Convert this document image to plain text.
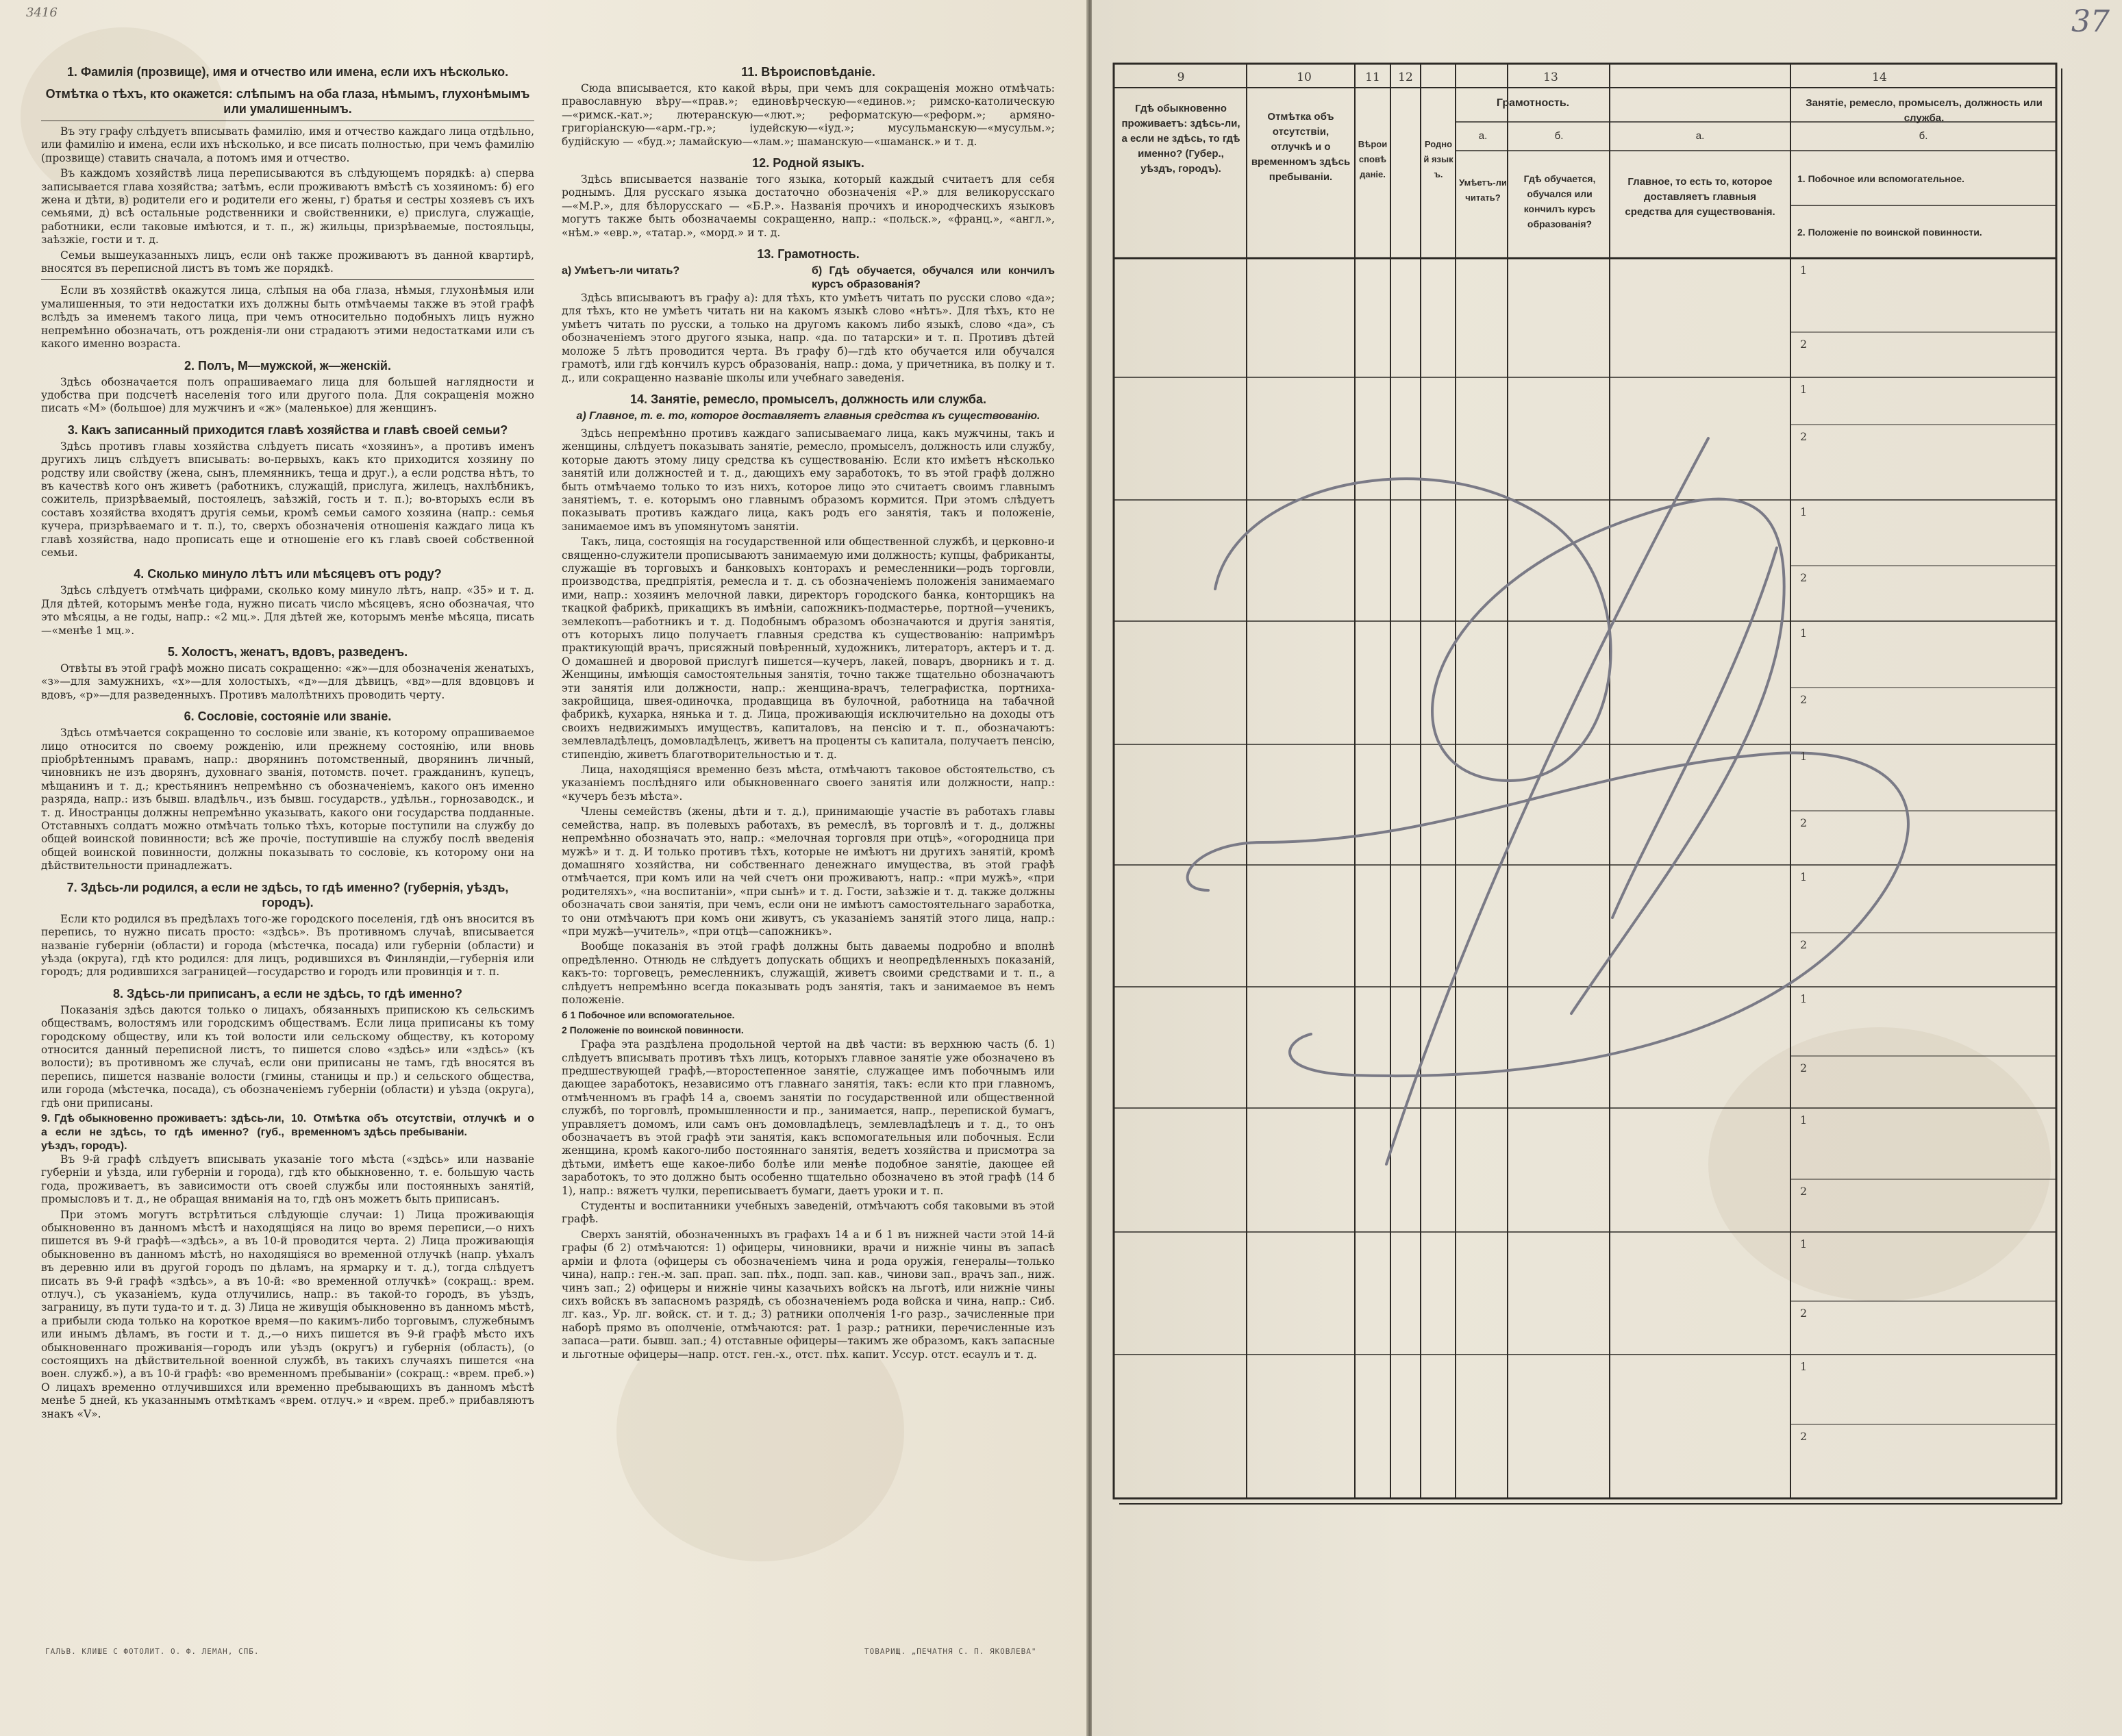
3416
1. Фамилія (прозвище), имя и отчество или имена, если ихъ нѣсколько.
Отмѣтка о тѣхъ, кто окажется: слѣпымъ на оба глаза, нѣмымъ, глухонѣмымъ или умалишеннымъ.

Въ эту графу слѣдуетъ вписывать фамилію, имя и отчество каждаго лица отдѣльно, или фамилію и имена, если ихъ нѣсколько, и все писать полностью, при чемъ фамилію (прозвище) ставить сначала, а потомъ имя и отчество.

Въ каждомъ хозяйствѣ лица переписываются въ слѣдующемъ порядкѣ: а) сперва записывается глава хозяйства; затѣмъ, если проживаютъ вмѣстѣ съ хозяиномъ: б) его жена и дѣти, в) родители его и родители его жены, г) братья и сестры хозяевъ съ ихъ семьями, д) всѣ остальные родственники и свойственники, е) прислуга, служащіе, работники, если таковые имѣются, и т. п., ж) жильцы, призрѣваемые, постояльцы, заѣзжіе, гости и т. д.

Семьи вышеуказанныхъ лицъ, если онѣ также проживаютъ въ данной квартирѣ, вносятся въ переписной листъ въ томъ же порядкѣ.

Если въ хозяйствѣ окажутся лица, слѣпыя на оба глаза, нѣмыя, глухонѣмыя или умалишенныя, то эти недостатки ихъ должны быть отмѣчаемы также въ этой графѣ вслѣдъ за именемъ такого лица, при чемъ относительно подобныхъ лицъ нужно непремѣнно обозначать, отъ рожденія-ли они страдаютъ этими недостатками или съ какого именно возраста.

2. Полъ, М—мужской, ж—женскій.

Здѣсь обозначается полъ опрашиваемаго лица для большей наглядности и удобства при подсчетѣ населенія того или другого пола. Для сокращенія можно писать «М» (большое) для мужчинъ и «ж» (маленькое) для женщинъ.

3. Какъ записанный приходится главѣ хозяйства и главѣ своей семьи?

Здѣсь противъ главы хозяйства слѣдуетъ писать «хозяинъ», а противъ именъ другихъ лицъ слѣдуетъ вписывать: во-первыхъ, какъ кто приходится хозяину по родству или свойству (жена, сынъ, племянникъ, теща и друг.), а если родства нѣтъ, то въ качествѣ кого онъ живетъ (работникъ, служащій, прислуга, жилецъ, нахлѣбникъ, сожитель, призрѣваемый, постоялецъ, заѣзжій, гость и т. п.); во-вторыхъ если въ составъ хозяйства входятъ другія семьи, кромѣ семьи самого хозяина (напр.: семья кучера, призрѣваемаго и т. п.), то, сверхъ обозначенія отношенія каждаго лица къ главѣ хозяйства, надо прописать еще и отношеніе его къ главѣ своей собственной семьи.

4. Сколько минуло лѣтъ или мѣсяцевъ отъ роду?

Здѣсь слѣдуетъ отмѣчать цифрами, сколько кому минуло лѣтъ, напр. «35» и т. д. Для дѣтей, которымъ менѣе года, нужно писать число мѣсяцевъ, ясно обозначая, что это мѣсяцы, а не годы, напр.: «2 мц.». Для дѣтей же, которымъ менѣе мѣсяца, писать—«менѣе 1 мц.».

5. Холостъ, женатъ, вдовъ, разведенъ.

Отвѣты въ этой графѣ можно писать сокращенно: «ж»—для обозначенія женатыхъ, «з»—для замужнихъ, «х»—для холостыхъ, «д»—для дѣвицъ, «вд»—для вдовцовъ и вдовъ, «р»—для разведенныхъ. Противъ малолѣтнихъ проводить черту.

6. Сословіе, состояніе или званіе.

Здѣсь отмѣчается сокращенно то сословіе или званіе, къ которому опрашиваемое лицо относится по своему рожденію, или прежнему состоянію, или вновь пріобрѣтеннымъ правамъ, напр.: дворянинъ потомственный, дворянинъ личный, чиновникъ не изъ дворянъ, духовнаго званія, потомств. почет. гражданинъ, купецъ, мѣщанинъ и т. д.; крестьянинъ непремѣнно съ обозначеніемъ, какого онъ именно разряда, напр.: изъ бывш. владѣльч., изъ бывш. государств., удѣльн., горнозаводск., и т. д. Иностранцы должны непремѣнно указывать, какого они государства подданные. Отставныхъ солдатъ можно отмѣчать только тѣхъ, которые поступили на службу до общей воинской повинности; всѣ же прочіе, поступившіе на службу послѣ введенія общей воинской повинности, должны показывать то сословіе, къ которому они на дѣйствительности принадлежатъ.

7. Здѣсь-ли родился, а если не здѣсь, то гдѣ именно? (губернія, уѣздъ, городъ).

Если кто родился въ предѣлахъ того-же городского поселенія, гдѣ онъ вносится въ перепись, то нужно писать просто: «здѣсь». Въ противномъ случаѣ, вписывается названіе губерніи (области) и города (мѣстечка, посада) или губерніи (области) и уѣзда (округа), гдѣ кто родился: для лицъ, родившихся въ Финляндіи,—губернія или городъ; для родившихся заграницей—государство и городъ или провинція и т. п.

8. Здѣсь-ли приписанъ, а если не здѣсь, то гдѣ именно?

Показанія здѣсь даются только о лицахъ, обязанныхъ припискою къ сельскимъ обществамъ, волостямъ или городскимъ обществамъ. Если лица приписаны къ тому городскому обществу, или къ той волости или сельскому обществу, къ которому относится данный переписной листъ, то пишется слово «здѣсь» или «здѣсь» (къ волости); въ противномъ же случаѣ, если они приписаны не тамъ, гдѣ вносятся въ перепись, пишется названіе волости (гмины, станицы и пр.) и сельского общества, или города (мѣстечка, посада), съ обозначеніемъ губерніи (области) и уѣзда (округа), гдѣ они приписаны.

9. Гдѣ обыкновенно проживаетъ: здѣсь-ли, а если не здѣсь, то гдѣ именно? (губ., уѣздъ, городъ).
10. Отмѣтка объ отсутствіи, отлучкѣ и о временномъ здѣсь пребываніи.

Въ 9-й графѣ слѣдуетъ вписывать указаніе того мѣста («здѣсь» или названіе губерніи и уѣзда, или губерніи и города), гдѣ кто обыкновенно, т. е. большую часть года, проживаетъ, въ зависимости отъ своей службы или постоянныхъ занятій, промысловъ и т. д., не обращая вниманія на то, гдѣ онъ можетъ быть приписанъ.

При этомъ могутъ встрѣтиться слѣдующіе случаи: 1) Лица проживающія обыкновенно въ данномъ мѣстѣ и находящіяся на лицо во время переписи,—о нихъ пишется въ 9-й графѣ—«здѣсь», а въ 10-й проводится черта. 2) Лица проживающія обыкновенно въ данномъ мѣстѣ, но находящіяся во временной отлучкѣ (напр. уѣхалъ въ деревню или въ другой городъ по дѣламъ, на ярмарку и т. д.), тогда слѣдуетъ писать въ 9-й графѣ «здѣсь», а въ 10-й: «во временной отлучкѣ» (сокращ.: врем. отлуч.), съ указаніемъ, куда отлучились, напр.: въ такой-то городъ, въ уѣздъ, заграницу, въ пути туда-то и т. д. 3) Лица не живущія обыкновенно въ данномъ мѣстѣ, а прибыли сюда только на короткое время—по какимъ-либо торговымъ, служебнымъ или инымъ дѣламъ, въ гости и т. д.,—о нихъ пишется въ 9-й графѣ мѣсто ихъ обыкновеннаго проживанія—городъ или уѣздъ (округъ) и губернія (область), (о состоящихъ на дѣйствительной военной службѣ, въ такихъ случаяхъ пишется «на воен. служб.»), а въ 10-й графѣ: «во временномъ пребываніи» (сокращ.: «врем. преб.») О лицахъ временно отлучившихся или временно пребывающихъ въ данномъ мѣстѣ менѣе 5 дней, къ указаннымъ отмѣткамъ «врем. отлуч.» и «врем. преб.» прибавляютъ знакъ «V».

11. Вѣроисповѣданіе.

Сюда вписывается, кто какой вѣры, при чемъ для сокращенія можно отмѣчать: православную вѣру—«прав.»; единовѣрческую—«единов.»; римско-католическую—«римск.-кат.»; лютеранскую—«лют.»; реформатскую—«реформ.»; армяно-григоріанскую—«арм.-гр.»; іудейскую—«іуд.»; мусульманскую—«мусульм.»; будійскую — «буд.»; ламайскую—«лам.»; шаманскую—«шаманск.» и т. д.

12. Родной языкъ.

Здѣсь вписывается названіе того языка, который каждый считаетъ для себя роднымъ. Для русскаго языка достаточно обозначенія «Р.» для великорусскаго—«М.Р.», для бѣлорусскаго — «Б.Р.». Названія прочихъ и инородческихъ языковъ могутъ также быть обозначаемы сокращенно, напр.: «польск.», «франц.», «англ.», «нѣм.» «евр.», «татар.», «морд.» и т. д.

13. Грамотность.
а) Умѣетъ-ли читать?	б) Гдѣ обучается, обучался или кончилъ курсъ образованія?

Здѣсь вписываютъ въ графу а): для тѣхъ, кто умѣетъ читать по русски слово «да»; для тѣхъ, кто не умѣетъ читать ни на какомъ языкѣ слово «нѣтъ». Для тѣхъ, кто не умѣетъ читать по русски, а только на другомъ какомъ либо языкѣ, слово «да», съ обозначеніемъ этого другого языка, напр. «да. по татарски» и т. п. Противъ дѣтей моложе 5 лѣтъ проводится черта. Въ графу б)—гдѣ кто обучается или обучался грамотѣ, или гдѣ кончилъ курсъ образованія, напр.: дома, у причетника, въ полку и т. д., или сокращенно названіе школы или учебнаго заведенія.

14. Занятіе, ремесло, промыселъ, должность или служба.
а) Главное, т. е. то, которое доставляетъ главныя средства къ существованію.

Здѣсь непремѣнно противъ каждаго записываемаго лица, какъ мужчины, такъ и женщины, слѣдуетъ показывать занятіе, ремесло, промыселъ, должность или службу, которые даютъ этому лицу средства къ существованію. Если кто имѣетъ нѣсколько занятій или должностей и т. д., дающихъ ему заработокъ, то въ этой графѣ должно быть отмѣчаемо только то изъ нихъ, которое лицо это считаетъ своимъ главнымъ занятіемъ, т. е. которымъ оно главнымъ образомъ кормится. При этомъ слѣдуетъ показывать противъ каждаго лица, какъ родъ его занятія, такъ и положеніе, занимаемое имъ въ упомянутомъ занятіи.

Такъ, лица, состоящія на государственной или общественной службѣ, и церковно-и священно-служители прописываютъ занимаемую ими должность; купцы, фабриканты, служащіе въ торговыхъ и банковыхъ конторахъ и ремесленники—родъ торговли, производства, предпріятія, ремесла и т. д. съ обозначеніемъ положенія занимаемаго ими, напр.: хозяинъ мелочной лавки, директоръ городского банка, конторщикъ на ткацкой фабрикѣ, прикащикъ въ имѣніи, сапожникъ-подмастерье, портной—ученикъ, землекопъ—работникъ и т. д. Подобнымъ образомъ обозначаются и другія занятія, отъ которыхъ лицо получаетъ главныя средства къ существованію: напримѣръ практикующій врачъ, присяжный повѣренный, художникъ, литераторъ, актеръ и т. д. О домашней и дворовой прислугѣ пишется—кучеръ, лакей, поваръ, дворникъ и т. д. Женщины, имѣющія самостоятельныя занятія, точно также тщательно обозначаютъ эти занятія или должности, напр.: женщина-врачъ, телеграфистка, портниха-закройщица, швея-одиночка, продавщица въ булочной, работница на табачной фабрикѣ, кухарка, нянька и т. д. Лица, проживающія исключительно на доходы отъ своихъ недвижимыхъ имуществъ, капиталовъ, на пенсію и т. п., обозначаютъ: землевладѣлецъ, домовладѣлецъ, живетъ на проценты съ капитала, получаетъ пенсію, стипендію, живетъ благотворительностью и т. д.

Лица, находящіяся временно безъ мѣста, отмѣчаютъ таковое обстоятельство, съ указаніемъ послѣдняго или обыкновеннаго своего занятія или должности, напр.: «кучеръ безъ мѣста».

Члены семействъ (жены, дѣти и т. д.), принимающіе участіе въ работахъ главы семейства, напр. въ полевыхъ работахъ, въ ремеслѣ, въ торговлѣ и т. д., должны непремѣнно обозначать это, напр.: «мелочная торговля при отцѣ», «огородница при мужѣ» и т. д. И только противъ тѣхъ, которые не имѣютъ ни другихъ занятій, кромѣ домашняго хозяйства, ни собственнаго денежнаго имущества, въ этой графѣ отмѣчается, при комъ или на чей счетъ они проживаютъ, напр.: «при мужѣ», «при родителяхъ», «на воспитаніи», «при сынѣ» и т. д. Гости, заѣзжіе и т. д. также должны обозначать свои занятія, при чемъ, если они не имѣютъ самостоятельнаго заработка, то они отмѣчаютъ при комъ они живутъ, съ указаніемъ занятій этого лица, напр.: «при мужѣ—учитель», «при отцѣ—сапожникъ».

Вообще показанія въ этой графѣ должны быть даваемы подробно и вполнѣ опредѣленно. Отнюдь не слѣдуетъ допускать общихъ и неопредѣленныхъ показаній, какъ-то: торговецъ, ремесленникъ, служащій, живетъ своими средствами и т. п., а слѣдуетъ непремѣнно всегда показывать родъ занятія, такъ и занимаемое въ немъ положеніе.

б 1 Побочное или вспомогательное.
2 Положеніе по воинской повинности.

Графа эта раздѣлена продольной чертой на двѣ части: въ верхнюю часть (б. 1) слѣдуетъ вписывать противъ тѣхъ лицъ, которыхъ главное занятіе уже обозначено въ предшествующей графѣ,—второстепенное занятіе, служащее имъ побочнымъ или дающее заработокъ, независимо отъ главнаго занятія, такъ: если кто при главномъ, отмѣченномъ въ графѣ 14 а, своемъ занятіи по государственной или общественной службѣ, по торговлѣ, промышленности и пр., занимается, напр., перепиской бумагъ, управляетъ домомъ, или самъ онъ домовладѣлецъ, землевладѣлецъ и т. д., то онъ обозначаетъ въ этой графѣ эти занятія, какъ вспомогательныя или побочныя. Если женщина, кромѣ какого-либо постояннаго занятія, ведетъ хозяйства и присмотра за дѣтьми, имѣетъ еще какое-либо болѣе или менѣе подобное занятіе, дающее ей заработокъ, то это должно быть особенно тщательно обозначено въ этой графѣ (14 б 1), напр.: вяжетъ чулки, переписываетъ бумаги, даетъ уроки и т. п.

Студенты и воспитанники учебныхъ заведеній, отмѣчаютъ собя таковыми въ этой графѣ.

Сверхъ занятій, обозначенныхъ въ графахъ 14 а и б 1 въ нижней части этой 14-й графы (б 2) отмѣчаются: 1) офицеры, чиновники, врачи и нижніе чины въ запасѣ арміи и флота (офицеры съ обозначеніемъ чина и рода оружія, генералы—только чина), напр.: ген.-м. зап. прап. зап. пѣх., подп. зап. кав., чинови зап., врачъ зап., ниж. чинъ зап.; 2) офицеры и нижніе чины казачьихъ войскъ на льготѣ, или нижніе чины сихъ войскъ въ запасномъ разрядѣ, съ обозначеніемъ рода войска и чина, напр.: Сиб. лг. каз., Ур. лг. войск. ст. и т. д.; 3) ратники ополченія 1-го разр., зачисленные при наборѣ прямо въ ополченіе, отмѣчаются: рат. 1 разр.; ратники, перечисленные изъ запаса—рати. бывш. зап.; 4) отставные офицеры—такимъ же образомъ, какъ запасные и льготные офицеры—напр. отст. ген.-х., отст. пѣх. капит. Уссур. отст. есаулъ и т. д.

ГАЛЬВ. КЛИШЕ С ФОТОЛИТ. О. Ф. ЛЕМАН, СПБ.	ТОВАРИЩ. „ПЕЧАТНЯ С. П. ЯКОВЛЕВА"
37
9	10	11	12	13	14
Гдѣ обыкновенно проживаетъ: здѣсь-ли, а если не здѣсь, то гдѣ именно? (Губер., уѣздъ, городъ).
Отмѣтка объ отсутствіи, отлучкѣ и о временномъ здѣсь пребываніи.
Вѣроисповѣданіе.
Родной языкъ.
Грамотность.
а.	б.
Умѣетъ-ли читать?
Гдѣ обучается, обучался или кончилъ курсъ образованія?
Занятіе, ремесло, промыселъ, должность или служба.
а.	б.
Главное, то есть то, которое доставляетъ главныя средства для существованія.
1. Побочное или вспомогательное.
2. Положеніе по воинской повинности.
1
2
1
2
1
2
1
2
1
2
1
2
1
2
1
2
1
2
1
2
